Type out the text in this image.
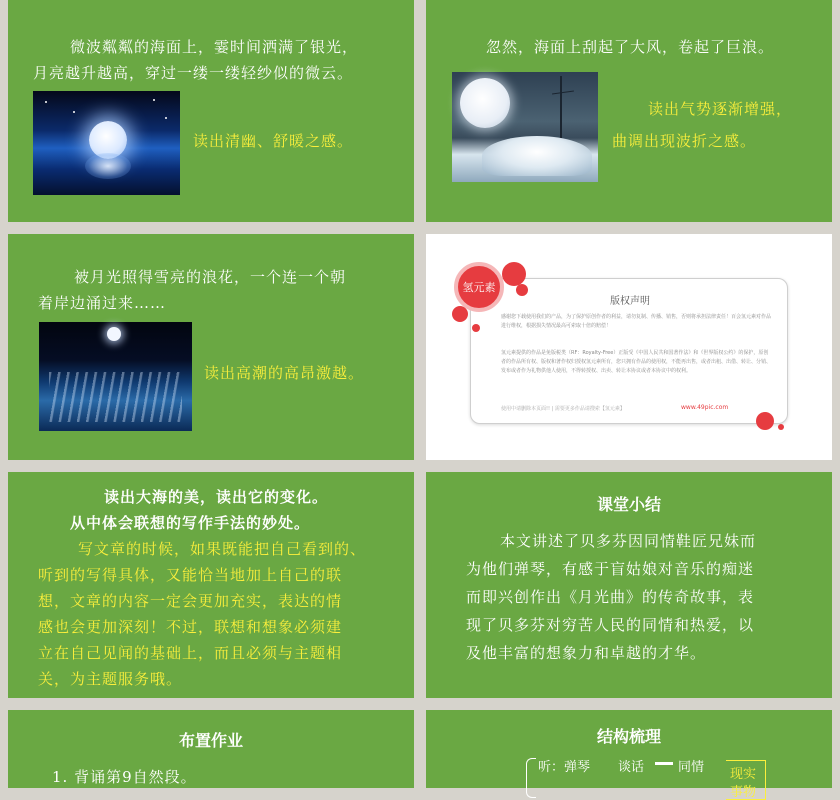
微波粼粼的海面上，霎时间洒满了银光，
月亮越升越高，穿过一缕一缕轻纱似的微云。
读出清幽、舒暖之感。
忽然，海面上刮起了大风，卷起了巨浪。
读出气势逐渐增强，
曲调出现波折之感。
被月光照得雪亮的浪花，一个连一个朝
着岸边涌过来……
读出高潮的高昂激越。
版权声明
感谢您下载使用我们的产品，为了保护原创作者的利益，请勿复制、传播、销售，否则将承担法律责任！百会氢元素对作品进行维权，根据损失情况最高可索取十倍的赔偿！
氢元素提供的作品是免版税类（RF：Royalty-Free）正版受《中国人民共和国著作法》和《世界版权公约》的保护，原创者的作品所有权、版权和著作权归授权氢元素所有，您只拥有作品的使用权，不能再出售，或者出租、出借、转让、分销、发布或者作为礼物供他人使用，不得转授权、出卖、转让本协议或者本协议中的权利。
使用中请删除本页面!! | 需要更多作品请搜索【氢元素】	www.49pic.com
氢元素
读出大海的美，读出它的变化。
从中体会联想的写作手法的妙处。
写文章的时候，如果既能把自己看到的、
听到的写得具体，又能恰当地加上自己的联
想，文章的内容一定会更加充实，表达的情
感也会更加深刻！不过，联想和想象必须建
立在自己见闻的基础上，而且必须与主题相
关，为主题服务哦。
课堂小结
本文讲述了贝多芬因同情鞋匠兄妹而
为他们弹琴，有感于盲姑娘对音乐的痴迷
而即兴创作出《月光曲》的传奇故事，表
现了贝多芬对穷苦人民的同情和热爱，以
及他丰富的想象力和卓越的才华。
布置作业
1. 背诵第9自然段。
结构梳理
听：弹琴 谈话	同情 现实
事物
